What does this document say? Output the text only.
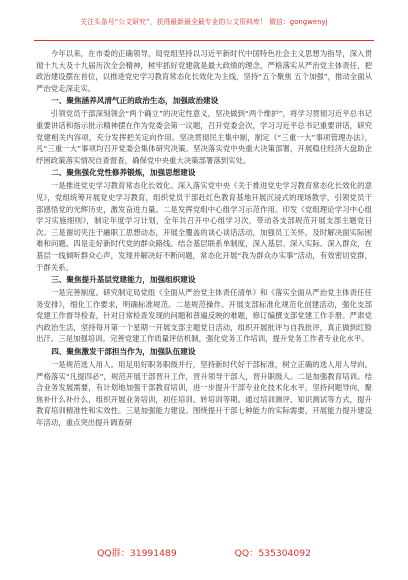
关注头条号“公文研究”，获得最新最全最专业的公文资料库！ 微信：gongwenyj
今年以来，在市委的正确领导，局党组坚持以习近平新时代中国特色社会主义思想为指导，深入贯彻十九大及十九届历次全会精神，树牢抓好党建就是最大政绩的理念，严格落实从严治党主体责任，把政治建设摆在首位，以推进党史学习教育常态化长效化为主线，坚持“五个聚焦 五个加强”，推动全面从严治党走深走实。
一、聚焦涵养风清气正的政治生态，加强政治建设
引领党员干部深刻领会“两个确立”的决定性意义，坚决做到“两个维护”，将学习贯彻习近平总书记重要讲话和指示批示精神摆在作为党委会第一议题，召开党委会次，学习习近平总书记重要讲话，研究党建相关内容项，充分发挥把关定向作用。坚决贯彻民主集中制，制定《“三重一大”事项管理办法》，凡“三重一大”事项均召开党委会集体研究决策。坚决落实党中央重大决策部署，开展稳住经济大盘助企纾困政策落实情况自查督查，确保党中央重大决策部署落到实处。
二、聚焦强化党性修养锻炼，加强思想建设
一是推进党史学习教育常态化长效化。深入落实党中央《关于推进党史学习教育常态化长效化的意见》，党组统筹开展党史学习教育，组织党员干部赴红色教育基地开展沉浸式的现场教学，引领党员干部感悟党的光辉历史，激发奋进力量。二是发挥党组中心组学习示范作用。印发《党组理论学习中心组学习实施细则》，制定年度学习计划，全年共召开中心组学习次，带动各支部规范开展支部主题党日次。三是谢切夹注于融职工思想动态，开展全覆盖的谈心谈话活动，加强员工关怀，及时解决面实际困难和问题。四是走好新时代党的群众路线。结合基层联系单制度，深入基层、深入实际、深入群众，在基层一线倾听群众心声，发现并解决好不断问题，常态化开展“我为群众办实事”活动，有效密切党群，干群关系。
三、聚焦提升基层党建能力，加强组织建设
一是完善制度。研究制定局党组《全面从严治党主体责任清单》和《落实全面从严治党主体责任任务安排》，细化工作要求，明确标准规范。二是规范操作。开展支部标准化规范化创建活动，强化支部党建工作督导检查，针对日常检查发现的问题和普遍反映的难题，修订编撰支部党建工作手册。严肃党内政治生活，坚持每月第一个星期一开展支部主题党日活动，组织开展批评与自我批评，真正做到红脸出汗。三是加强培训。完善党建工作质量评估机制，强化党务工作培训，提升党务工作者专业化水平。
四、聚焦激发干部担当作为，加强队伍建设
一是规范选人用人。用足用好职务职级并行，坚持新时代好干部标准，树立正确的选人用人导向。严格落实“凡提四必”，规范开展干部晋升工作，晋升领导干部人，晋升职级人。二是加强教育培训。结合业务发展需要，有计划地加强干部教育培训，进一步提升干部专业化技术化水平，坚持问题导向，聚焦补什么补什么，组织开展业务培训，初任培训、转培训等期。通过培训测评、知识测试等方式，提升教育培训精准性和实效性。三是加强能力建设。围绕提升干部七种能力的实际需要，开展能力提升建设年活动，重点突出提升调查研
QQ群：31991489	QQ：535304092
